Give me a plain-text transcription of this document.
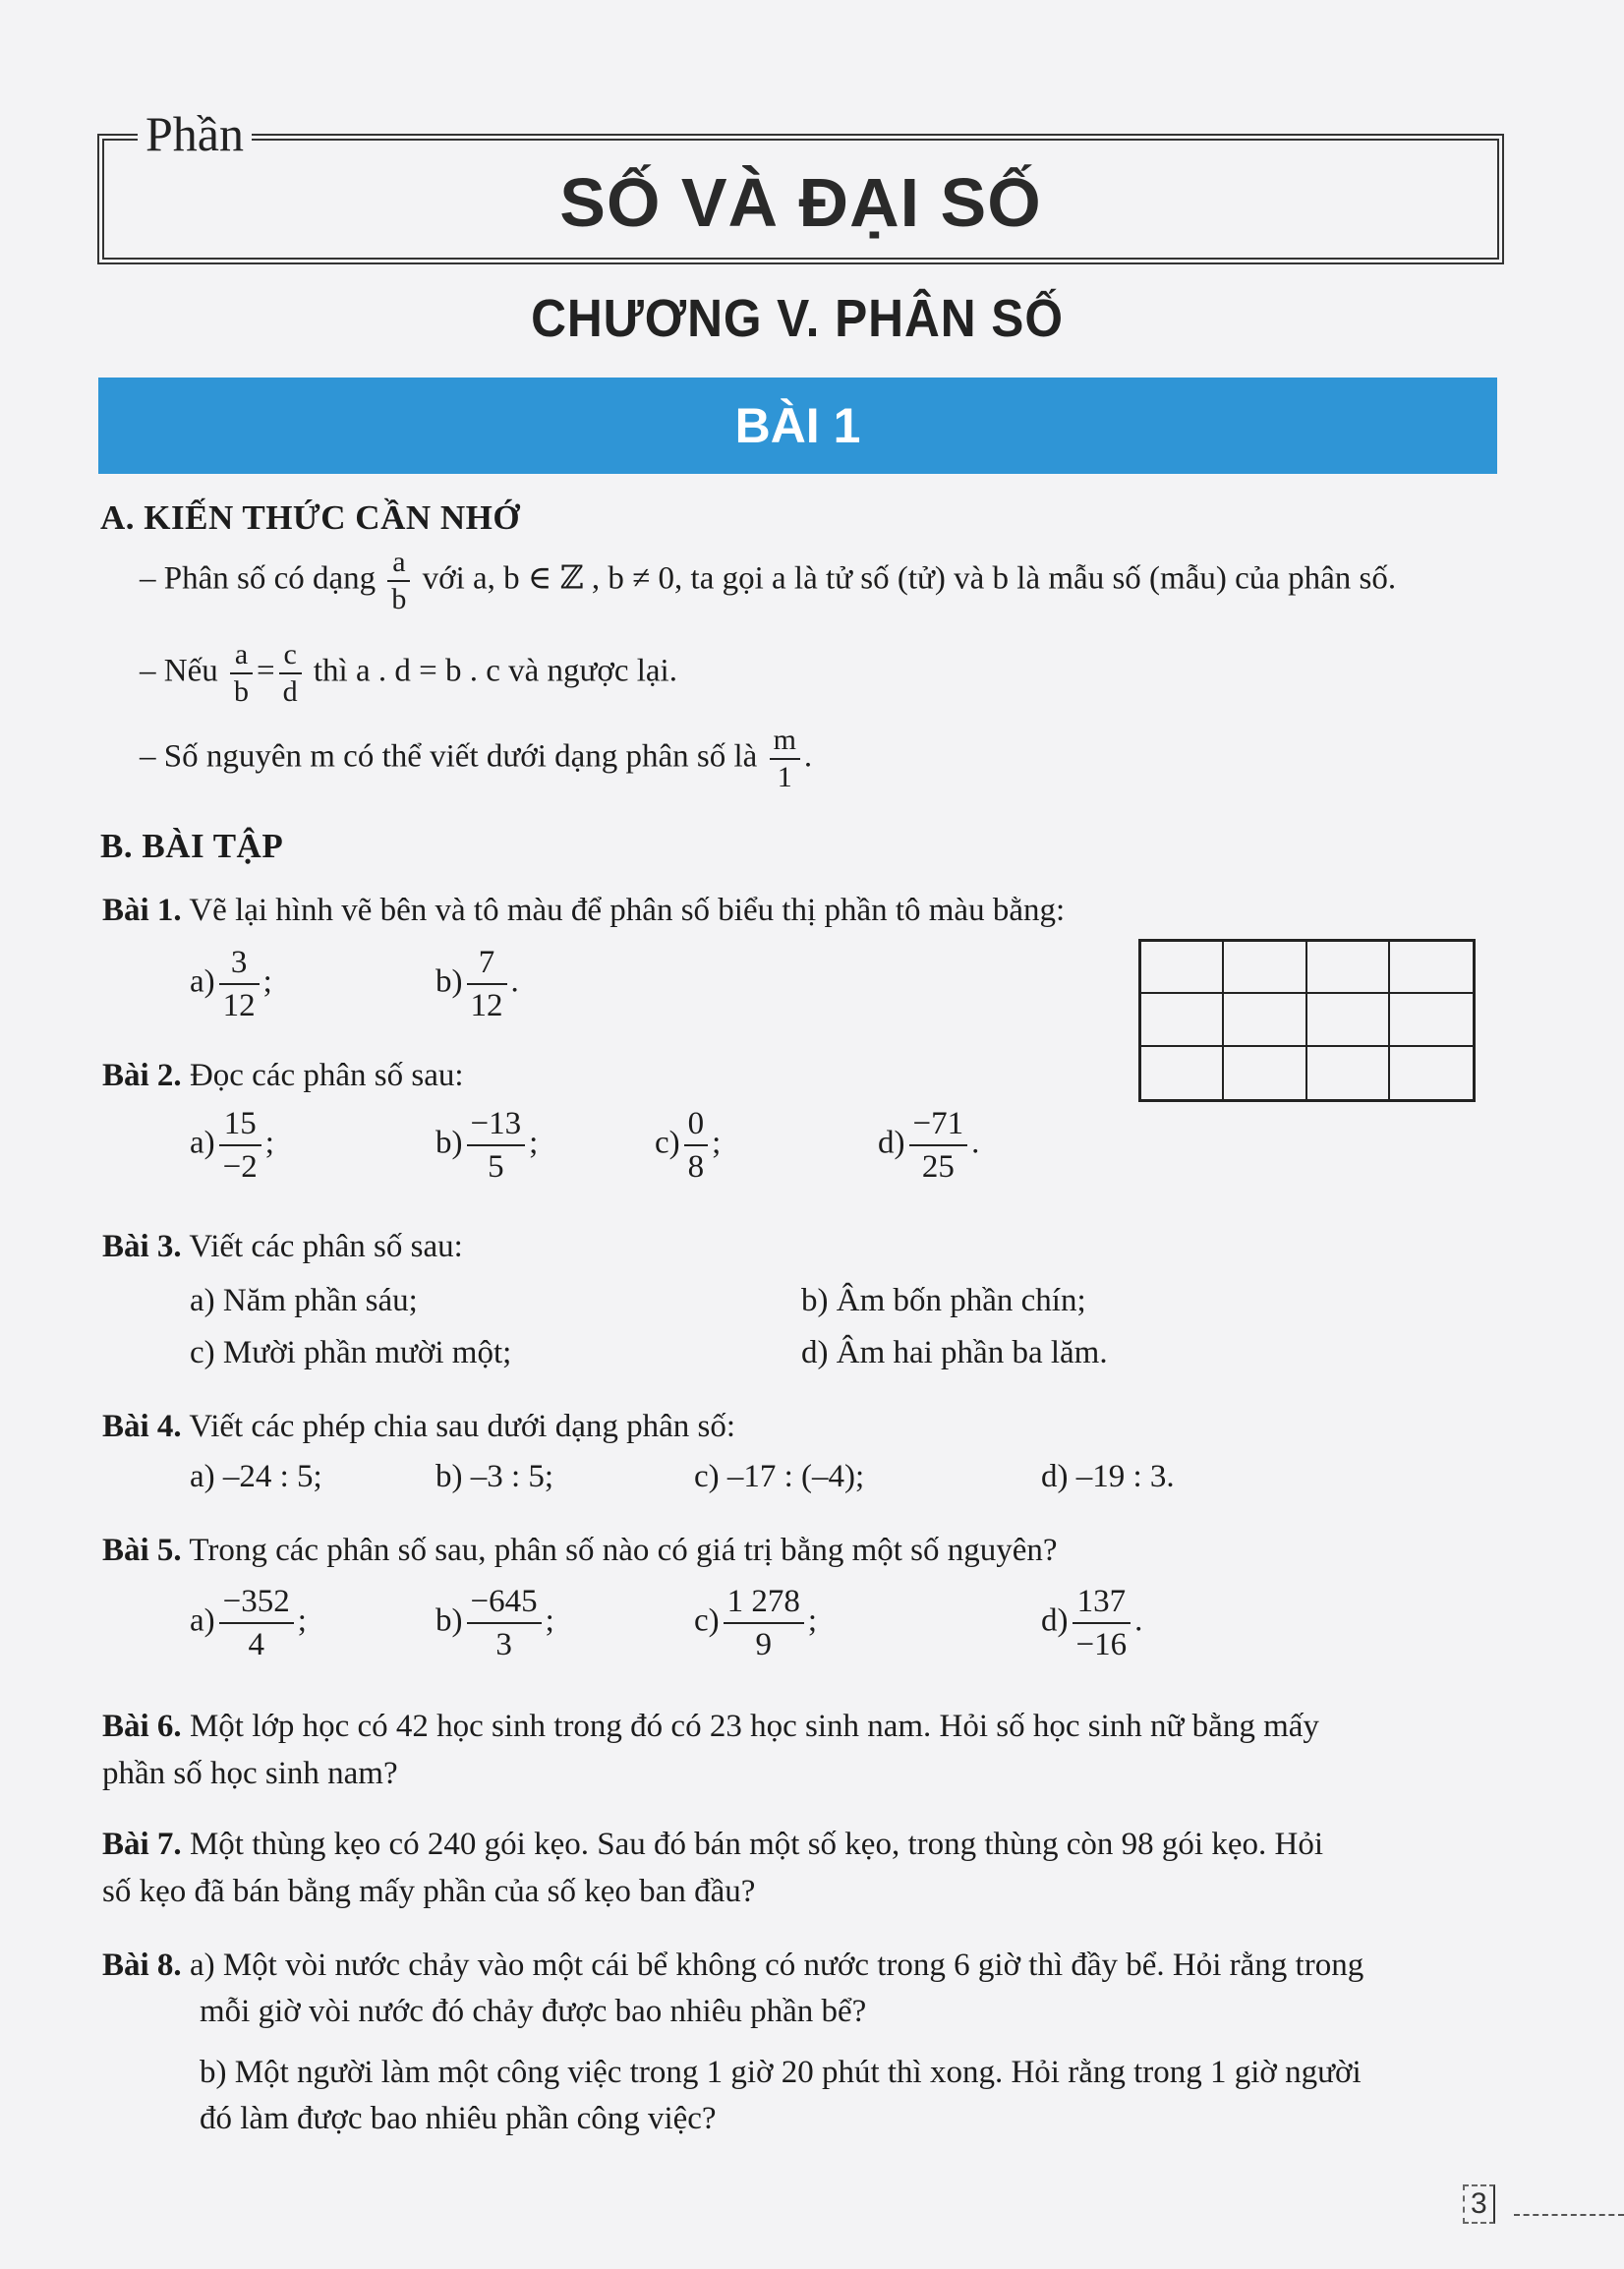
Phần
SỐ VÀ ĐẠI SỐ
CHƯƠNG V. PHÂN SỐ
BÀI 1
A. KIẾN THỨC CẦN NHỚ
– Phân số có dạng $\frac{a}{b}$ với a, b ∈ ℤ , b ≠ 0, ta gọi a là tử số (tử) và b là mẫu số (mẫu) của phân số.
– Nếu $\frac{a}{b} = \frac{c}{d}$ thì a . d = b . c và ngược lại.
– Số nguyên m có thể viết dưới dạng phân số là $\frac{m}{1}$ .
B. BÀI TẬP
Bài 1. Vẽ lại hình vẽ bên và tô màu để phân số biểu thị phần tô màu bằng:
$a) \frac{3}{12}$ ;	$b) \frac{7}{12}$ .
Bài 2. Đọc các phân số sau:
$a) \frac{15}{-2}$ ;	$b) \frac{-13}{5}$ ;	$c) \frac{0}{8}$ ;	$d) \frac{-71}{25}$ .
Bài 3. Viết các phân số sau:
a) Năm phần sáu;	b) Âm bốn phần chín;
c) Mười phần mười một;	d) Âm hai phần ba lăm.
Bài 4. Viết các phép chia sau dưới dạng phân số:
a) –24 : 5;	b) –3 : 5;	c) –17 : (–4);	d) –19 : 3.
Bài 5. Trong các phân số sau, phân số nào có giá trị bằng một số nguyên?
$a) \frac{-352}{4}$ ;	$b) \frac{-645}{3}$ ;	$c) \frac{1 278}{9}$ ;	$d) \frac{137}{-16}$ .
Bài 6. Một lớp học có 42 học sinh trong đó có 23 học sinh nam. Hỏi số học sinh nữ bằng mấy
phần số học sinh nam?
Bài 7. Một thùng kẹo có 240 gói kẹo. Sau đó bán một số kẹo, trong thùng còn 98 gói kẹo. Hỏi
số kẹo đã bán bằng mấy phần của số kẹo ban đầu?
Bài 8. a) Một vòi nước chảy vào một cái bể không có nước trong 6 giờ thì đầy bể. Hỏi rằng trong
mỗi giờ vòi nước đó chảy được bao nhiêu phần bể?
b) Một người làm một công việc trong 1 giờ 20 phút thì xong. Hỏi rằng trong 1 giờ người
đó làm được bao nhiêu phần công việc?
3
